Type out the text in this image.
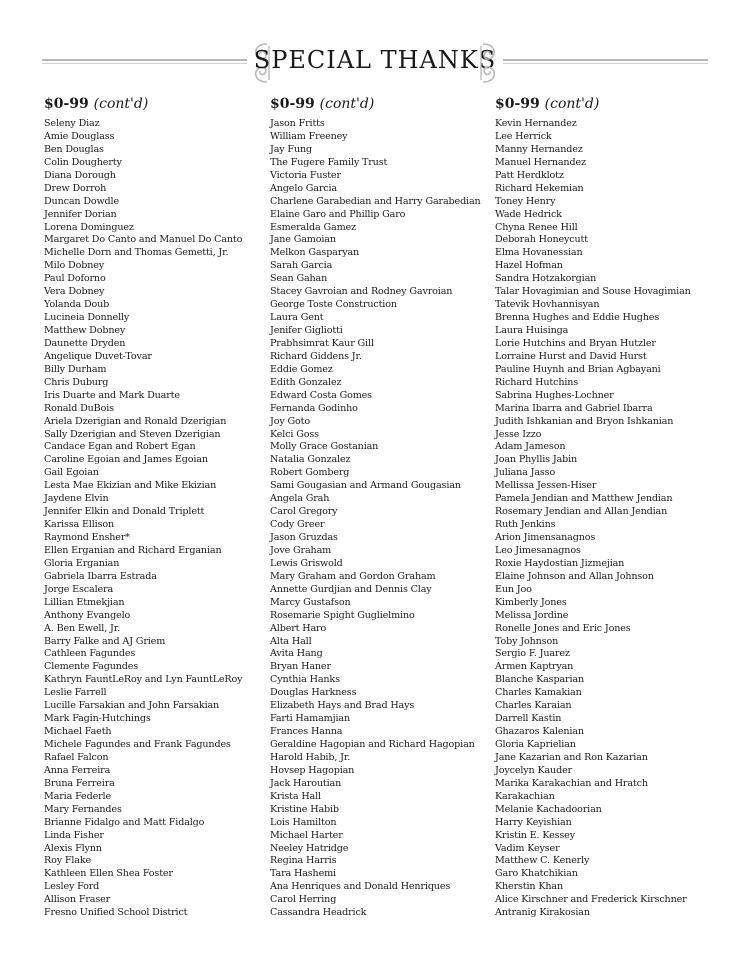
SPECIAL THANKS
$0-99 (cont'd)
Seleny Diaz
Amie Douglass
Ben Douglas
Colin Dougherty
Diana Dorough
Drew Dorroh
Duncan Dowdle
Jennifer Dorian
Lorena Dominguez
Margaret Do Canto and Manuel Do Canto
Michelle Dorn and Thomas Gemetti, Jr.
Milo Dobney
Paul Doforno
Vera Dobney
Yolanda Doub
Lucineia Donnelly
Matthew Dobney
Daunette Dryden
Angelique Duvet-Tovar
Billy Durham
Chris Duburg
Iris Duarte and Mark Duarte
Ronald DuBois
Ariela Dzerigian and Ronald Dzerigian
Sally Dzerigian and Steven Dzerigian
Candace Egan and Robert Egan
Caroline Egoian and James Egoian
Gail Egoian
Lesta Mae Ekizian and Mike Ekizian
Jaydene Elvin
Jennifer Elkin and Donald Triplett
Karissa Ellison
Raymond Ensher*
Ellen Erganian and Richard Erganian
Gloria Erganian
Gabriela Ibarra Estrada
Jorge Escalera
Lillian Etmekjian
Anthony Evangelo
A. Ben Ewell, Jr.
Barry Falke and AJ Griem
Cathleen Fagundes
Clemente Fagundes
Kathryn FauntLeRoy and Lyn FauntLeRoy
Leslie Farrell
Lucille Farsakian and John Farsakian
Mark Fagin-Hutchings
Michael Faeth
Michele Fagundes and Frank Fagundes
Rafael Falcon
Anna Ferreira
Bruna Ferreira
Maria Federle
Mary Fernandes
Brianne Fidalgo and Matt Fidalgo
Linda Fisher
Alexis Flynn
Roy Flake
Kathleen Ellen Shea Foster
Lesley Ford
Allison Fraser
Fresno Unified School District
$0-99 (cont'd)
Jason Fritts
William Freeney
Jay Fung
The Fugere Family Trust
Victoria Fuster
Angelo Garcia
Charlene Garabedian and Harry Garabedian
Elaine Garo and Phillip Garo
Esmeralda Gamez
Jane Gamoian
Melkon Gasparyan
Sarah Garcia
Sean Gahan
Stacey Gavroian and Rodney Gavroian
George Toste Construction
Laura Gent
Jenifer Gigliotti
Prabhsimrat Kaur Gill
Richard Giddens Jr.
Eddie Gomez
Edith Gonzalez
Edward Costa Gomes
Fernanda Godinho
Joy Goto
Kelci Goss
Molly Grace Gostanian
Natalia Gonzalez
Robert Gomberg
Sami Gougasian and Armand Gougasian
Angela Grah
Carol Gregory
Cody Greer
Jason Gruzdas
Jove Graham
Lewis Griswold
Mary Graham and Gordon Graham
Annette Gurdjian and Dennis Clay
Marcy Gustafson
Rosemarie Spight Guglielmino
Albert Haro
Alta Hall
Avita Hang
Bryan Haner
Cynthia Hanks
Douglas Harkness
Elizabeth Hays and Brad Hays
Farti Hamamjian
Frances Hanna
Geraldine Hagopian and Richard Hagopian
Harold Habib, Jr.
Hovsep Hagopian
Jack Haroutian
Krista Hall
Kristine Habib
Lois Hamilton
Michael Harter
Neeley Hatridge
Regina Harris
Tara Hashemi
Ana Henriques and Donald Henriques
Carol Herring
Cassandra Headrick
$0-99 (cont'd)
Kevin Hernandez
Lee Herrick
Manny Hernandez
Manuel Hernandez
Patt Herdklotz
Richard Hekemian
Toney Henry
Wade Hedrick
Chyna Renee Hill
Deborah Honeycutt
Elma Hovanessian
Hazel Hofman
Sandra Hotzakorgian
Talar Hovagimian and Souse Hovagimian
Tatevik Hovhannisyan
Brenna Hughes and Eddie Hughes
Laura Huisinga
Lorie Hutchins and Bryan Hutzler
Lorraine Hurst and David Hurst
Pauline Huynh and Brian Agbayani
Richard Hutchins
Sabrina Hughes-Lochner
Marina Ibarra and Gabriel Ibarra
Judith Ishkanian and Bryon Ishkanian
Jesse Izzo
Adam Jameson
Joan Phyllis Jabin
Juliana Jasso
Mellissa Jessen-Hiser
Pamela Jendian and Matthew Jendian
Rosemary Jendian and Allan Jendian
Ruth Jenkins
Arion Jimensanagnos
Leo Jimesanagnos
Roxie Haydostian Jizmejian
Elaine Johnson and Allan Johnson
Eun Joo
Kimberly Jones
Melissa Jordine
Ronelle Jones and Eric Jones
Toby Johnson
Sergio F. Juarez
Armen Kaptryan
Blanche Kasparian
Charles Kamakian
Charles Karaian
Darrell Kastin
Ghazaros Kalenian
Gloria Kaprielian
Jane Kazarian and Ron Kazarian
Joycelyn Kauder
Marika Karakachian and Hratch
Karakachian
Melanie Kachadoorian
Harry Keyishian
Kristin E. Kessey
Vadim Keyser
Matthew C. Kenerly
Garo Khatchikian
Kherstin Khan
Alice Kirschner and Frederick Kirschner
Antranig Kirakosian
